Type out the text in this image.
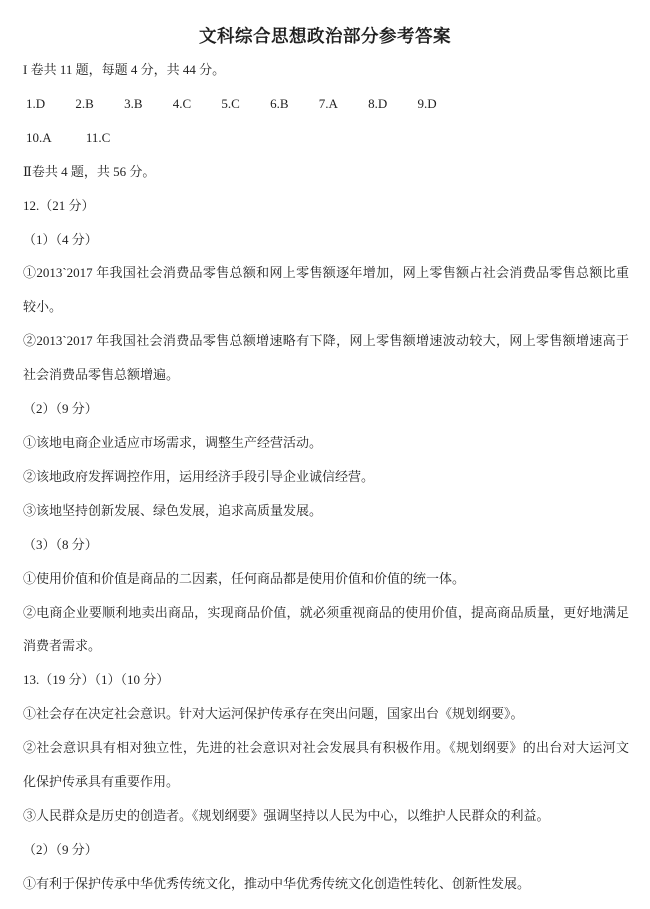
文科综合思想政治部分参考答案
I 卷共 11 题，每题 4 分，共 44 分。
1.D 2.B 3.B 4.C 5.C 6.B 7.A 8.D 9.D
10.A	11.C
Ⅱ卷共 4 题，共 56 分。
12.（21 分）
（1）（4 分）
①2013`2017 年我国社会消费品零售总额和网上零售额逐年增加，网上零售额占社会消费品零售总额比重
较小。
②2013`2017 年我国社会消费品零售总额增速略有下降，网上零售额增速波动较大，网上零售额增速高于
社会消费品零售总额增遍。
（2）（9 分）
①该地电商企业适应市场需求，调整生产经营活动。
②该地政府发挥调控作用，运用经济手段引导企业诚信经营。
③该地坚持创新发展、绿色发展，追求高质量发展。
（3）（8 分）
①使用价值和价值是商品的二因素，任何商品都是使用价值和价值的统一体。
②电商企业要顺利地卖出商品，实现商品价值，就必须重视商品的使用价值，提高商品质量，更好地满足
消费者需求。
13.（19 分）（1）（10 分）
①社会存在决定社会意识。针对大运河保护传承存在突出问题，国家出台《规划纲要》。
②社会意识具有相对独立性，先进的社会意识对社会发展具有积极作用。《规划纲要》的出台对大运河文
化保护传承具有重要作用。
③人民群众是历史的创造者。《规划纲要》强调坚持以人民为中心，以维护人民群众的利益。
（2）（9 分）
①有利于保护传承中华优秀传统文化，推动中华优秀传统文化创造性转化、创新性发展。
